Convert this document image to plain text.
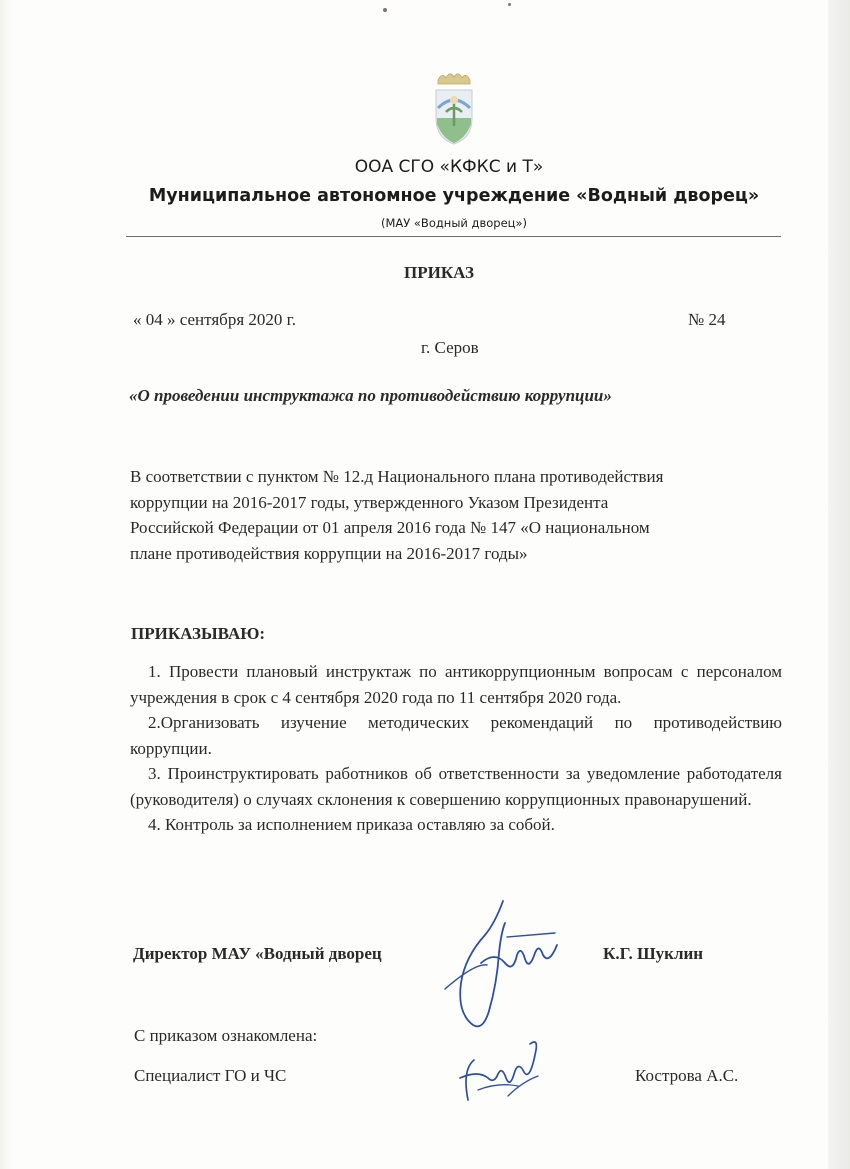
ООА СГО «КФКС и Т»
Муниципальное автономное учреждение «Водный дворец»
(МАУ «Водный дворец»)
ПРИКАЗ
« 04 » сентября 2020 г.	№ 24
г. Серов
«О проведении инструктажа по противодействию коррупции»
В соответствии с пунктом № 12.д Национального плана противодействия
коррупции на 2016-2017 годы, утвержденного Указом Президента
Российской Федерации от 01 апреля 2016 года № 147 «О национальном
плане противодействия коррупции на 2016-2017 годы»
ПРИКАЗЫВАЮ:

1. Провести плановый инструктаж по антикоррупционным вопросам с персоналом учреждения в срок с 4 сентября 2020 года по 11 сентября 2020 года.

2.Организовать изучение методических рекомендаций по противодействию коррупции.

3. Проинструктировать работников об ответственности за уведомление работодателя (руководителя) о случаях склонения к совершению коррупционных правонарушений.

4. Контроль за исполнением приказа оставляю за собой.

Директор МАУ «Водный дворец	К.Г. Шуклин
С приказом ознакомлена:
Специалист ГО и ЧС	Кострова А.С.
